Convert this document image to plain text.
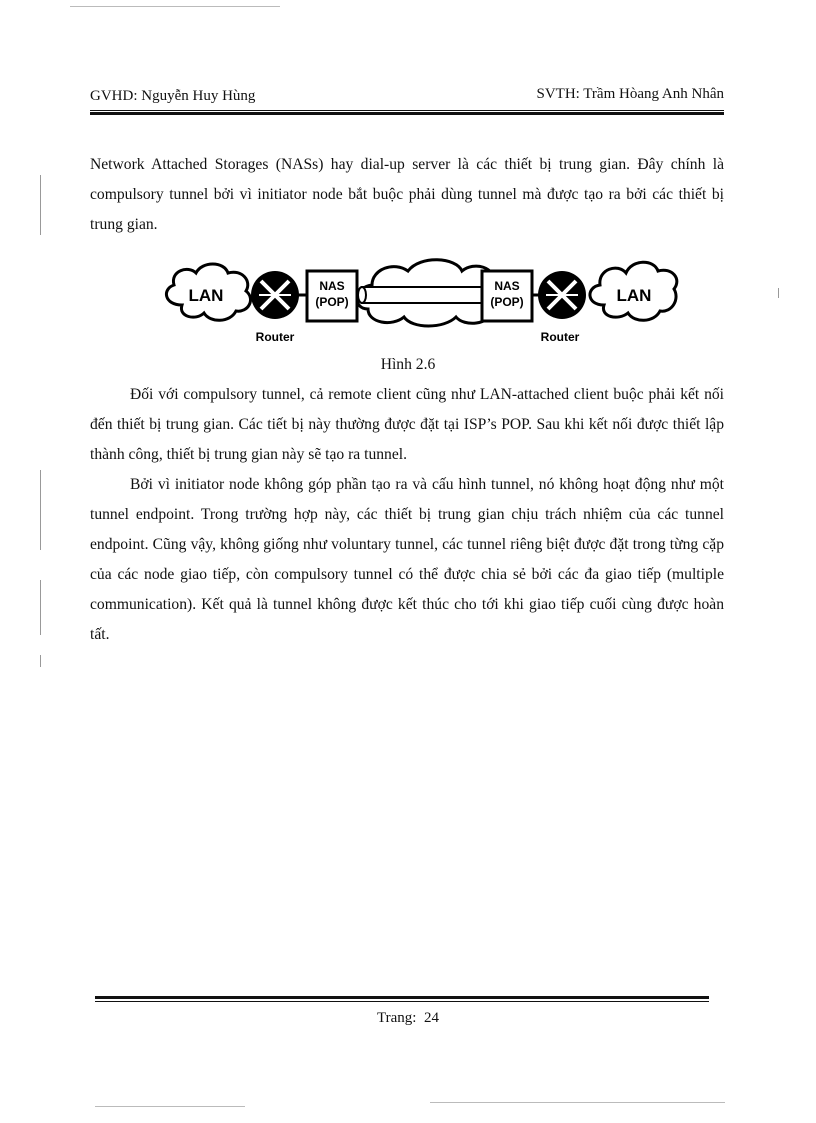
GVHD: Nguyễn Huy Hùng	SVTH: Trầm Hòang Anh Nhân

Network Attached Storages (NASs) hay dial-up server là các thiết bị trung gian. Đây chính là compulsory tunnel bởi vì initiator node bắt buộc phải dùng tunnel mà được tạo ra bởi các thiết bị trung gian.

LAN
Router
NAS
(POP)
NAS
(POP)
Router
LAN
Hình 2.6

Đối với compulsory tunnel, cả remote client cũng như LAN-attached client buộc phải kết nối đến thiết bị trung gian. Các tiết bị này thường được đặt tại ISP’s POP. Sau khi kết nối được thiết lập thành công, thiết bị trung gian này sẽ tạo ra tunnel.

Bởi vì initiator node không góp phần tạo ra và cấu hình tunnel, nó không hoạt động như một tunnel endpoint. Trong trường hợp này, các thiết bị trung gian chịu trách nhiệm của các tunnel endpoint. Cũng vậy, không giống như voluntary tunnel, các tunnel riêng biệt được đặt trong từng cặp của các node giao tiếp, còn compulsory tunnel có thể được chia sẻ bởi các đa giao tiếp (multiple communication). Kết quả là tunnel không được kết thúc cho tới khi giao tiếp cuối cùng được hoàn tất.

Trang: 24
